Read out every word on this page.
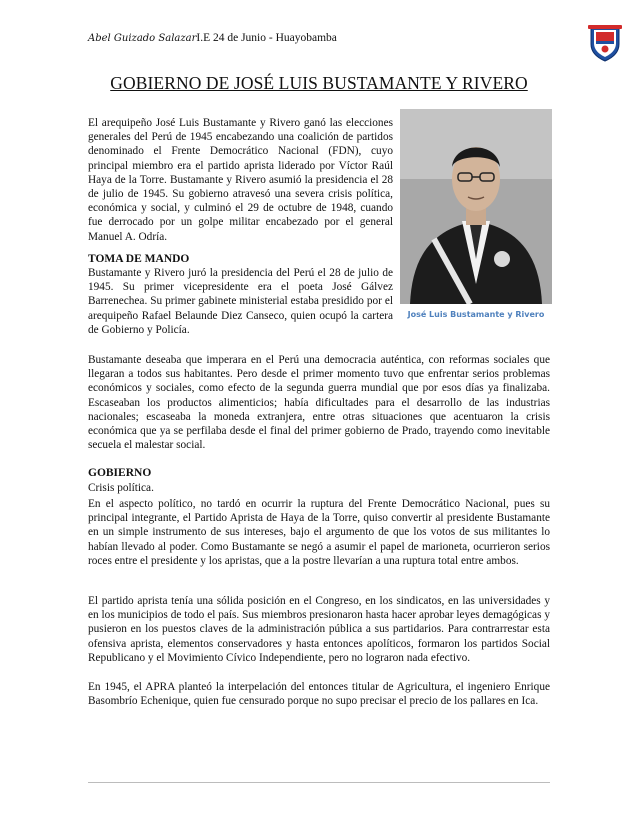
Abel Guizado SalazarI.E 24 de Junio - Huayobamba
GOBIERNO DE JOSÉ LUIS BUSTAMANTE Y RIVERO
El arequipeño José Luis Bustamante y Rivero ganó las elecciones generales del Perú de 1945 encabezando una coalición de partidos denominado el Frente Democrático Nacional (FDN), cuyo principal miembro era el partido aprista liderado por Víctor Raúl Haya de la Torre. Bustamante y Rivero asumió la presidencia el 28 de julio de 1945. Su gobierno atravesó una severa crisis política, económica y social, y culminó el 29 de octubre de 1948, cuando fue derrocado por un golpe militar encabezado por el general Manuel A. Odría.
José Luis Bustamante y Rivero
TOMA DE MANDO
Bustamante y Rivero juró la presidencia del Perú el 28 de julio de 1945. Su primer vicepresidente era el poeta José Gálvez Barrenechea. Su primer gabinete ministerial estaba presidido por el arequipeño Rafael Belaunde Diez Canseco, quien ocupó la cartera de Gobierno y Policía.
Bustamante deseaba que imperara en el Perú una democracia auténtica, con reformas sociales que llegaran a todos sus habitantes. Pero desde el primer momento tuvo que enfrentar serios problemas económicos y sociales, como efecto de la segunda guerra mundial que por esos días ya finalizaba. Escaseaban los productos alimenticios; había dificultades para el desarrollo de las industrias nacionales; escaseaba la moneda extranjera, entre otras situaciones que acentuaron la crisis económica que ya se perfilaba desde el final del primer gobierno de Prado, trayendo como inevitable secuela el malestar social.
GOBIERNO
Crisis política.
En el aspecto político, no tardó en ocurrir la ruptura del Frente Democrático Nacional, pues su principal integrante, el Partido Aprista de Haya de la Torre, quiso convertir al presidente Bustamante en un simple instrumento de sus intereses, bajo el argumento de que los votos de sus militantes lo habían llevado al poder. Como Bustamante se negó a asumir el papel de marioneta, ocurrieron serios roces entre el presidente y los apristas, que a la postre llevarían a una ruptura total entre ambos.
El partido aprista tenía una sólida posición en el Congreso, en los sindicatos, en las universidades y en los municipios de todo el país. Sus miembros presionaron hasta hacer aprobar leyes demagógicas y pusieron en los puestos claves de la administración pública a sus partidarios. Para contrarrestar esta ofensiva aprista, elementos conservadores y hasta entonces apolíticos, formaron los partidos Social Republicano y el Movimiento Cívico Independiente, pero no lograron nada efectivo.
En 1945, el APRA planteó la interpelación del entonces titular de Agricultura, el ingeniero Enrique Basombrío Echenique, quien fue censurado porque no supo precisar el precio de los pallares en Ica.
